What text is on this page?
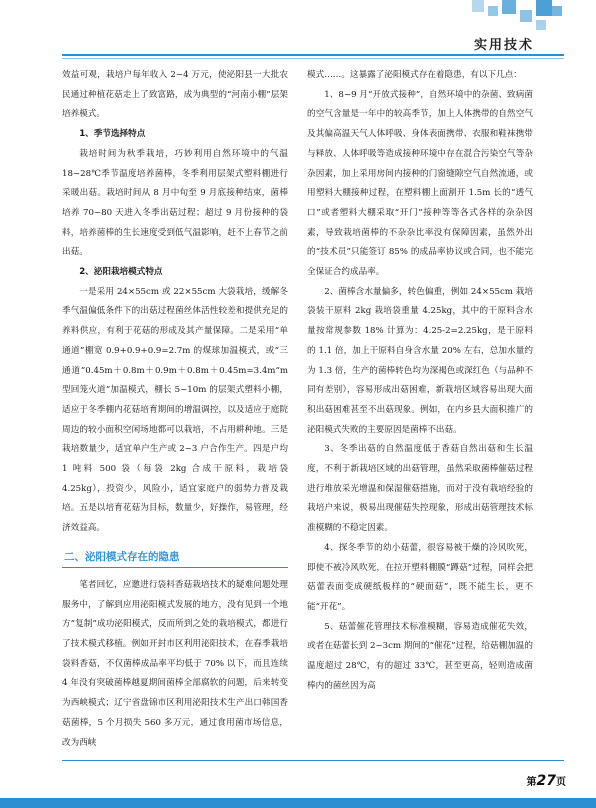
实用技术

效益可观，栽培户每年收入 2~4 万元，使泌阳县一大批农民通过种植花菇走上了致富路，成为典型的“河南小棚”层架培养模式。

1、季节选择特点

栽培时间为秋季栽培，巧妙利用自然环境中的气温 18~28℃季节温度培养菌棒，冬季利用层架式塑料棚进行采暖出菇。栽培时间从 8 月中旬至 9 月底接种结束，菌棒培养 70~80 天进入冬季出菇过程；超过 9 月份接种的袋料，培养菌棒的生长速度受到低气温影响，赶不上春节之前出菇。

2、泌阳栽培模式特点

一是采用 24×55cm 或 22×55cm 大袋栽培，缓解冬季气温偏低条件下的出菇过程菌丝体活性较差和提供充足的养料供应，有利于花菇的形成及其产量保障。二是采用“单通道”棚宽 0.9+0.9+0.9=2.7m 的煤球加温模式，或“三通道”0.45m＋0.8m＋0.9m＋0.8m＋0.45m=3.4m“m 型回笼火道”加温模式，棚长 5~10m 的层架式塑料小棚，适应于冬季棚内花菇培育期间的增温调控，以及适应于庭院周边的较小面积空闲场地都可以栽培，不占用耕种地。三是栽培数量少，适宜单户生产或 2~3 户合作生产。四是户均 1 吨料 500 袋（每袋 2kg 合成干原料，栽培袋 4.25kg），投资少，风险小，适宜家庭户的弱势力普及栽培。五是以培育花菇为目标，数量少，好操作，易管理，经济效益高。

二、泌阳模式存在的隐患

笔者回忆，应邀进行袋料香菇栽培技术的疑难问题处理服务中，了解到应用泌阳模式发展的地方，没有见到一个地方“复制”成功泌阳模式，反而所到之处的栽培模式，都进行了技术模式移植。例如开封市区利用泌阳技术，在春季栽培袋料香菇，不仅菌棒成品率平均低于 70% 以下，而且连续 4 年没有突破菌棒越夏期间菌棒全部腐软的问题，后来转变为西峡模式；辽宁省盘锦市区利用泌阳技术生产出口韩国香菇菌棒，5 个月损失 560 多万元，通过食用菌市场信息，改为西峡

模式……。这暴露了泌阳模式存在着隐患，有以下几点：

1、8~9 月“开放式接种”，自然环境中的杂菌、致病菌的空气含量是一年中的较高季节，加上人体携带的自然空气及其偏高温天气人体呼吸、身体表面携带、衣服和鞋袜携带与释放、人体呼吸等造成接种环境中存在混合污染空气等杂杂因素，加上采用房间内接种的门窗缝隙空气自然流通，或用塑料大棚接种过程，在塑料棚上面割开 1.5m 长的“透气口”或者塑料大棚采取“开门”接种等等各式各样的杂杂因素，导致栽培菌棒的不杂杂比率没有保障因素，虽然外出的“技术员”只能签订 85% 的成品率协议或合同，也不能完全保证合约成品率。

2、菌棒含水量偏多，转色偏重，例如 24×55cm 栽培袋装干原料 2kg 栽培袋重量 4.25kg，其中的干原料含水量按常规参数 18% 计算为：4.25-2=2.25kg，是干原料的 1.1 倍，加上干原料自身含水量 20% 左右，总加水量约为 1.3 倍，生产的菌棒转色均为深褐色或深红色（与品种不同有差别），容易形成出菇困难，新栽培区域容易出现大面积出菇困难甚至不出菇现象。例如，在内乡县大面积推广的泌阳模式失败的主要原因是菌棒不出菇。

3、冬季出菇的自然温度低于香菇自然出菇和生长温度，不利于新栽培区域的出菇管理，虽然采取菌棒催菇过程进行堆放采光增温和保湿催菇措施，而对于没有栽培经验的栽培户来说，极易出现催菇失控现象，形成出菇管理技术标准模糊的不稳定因素。

4、探冬季节的幼小菇蕾，很容易被干燥的冷风吹死，即使不被冷风吹死，在拉开塑料棚膜“蹲菇”过程，同样会把菇蕾表面变成硬纸板样的“硬面菇”，既不能生长，更不能“开花”。

5、菇蕾催花管理技术标准模糊，容易造成催花失效，或者在菇蕾长到 2~3cm 期间的“催花”过程，给菇棚加温的温度超过 28℃，有的超过 33℃，甚至更高，轻则造成菌棒内的菌丝因为高

第27页
